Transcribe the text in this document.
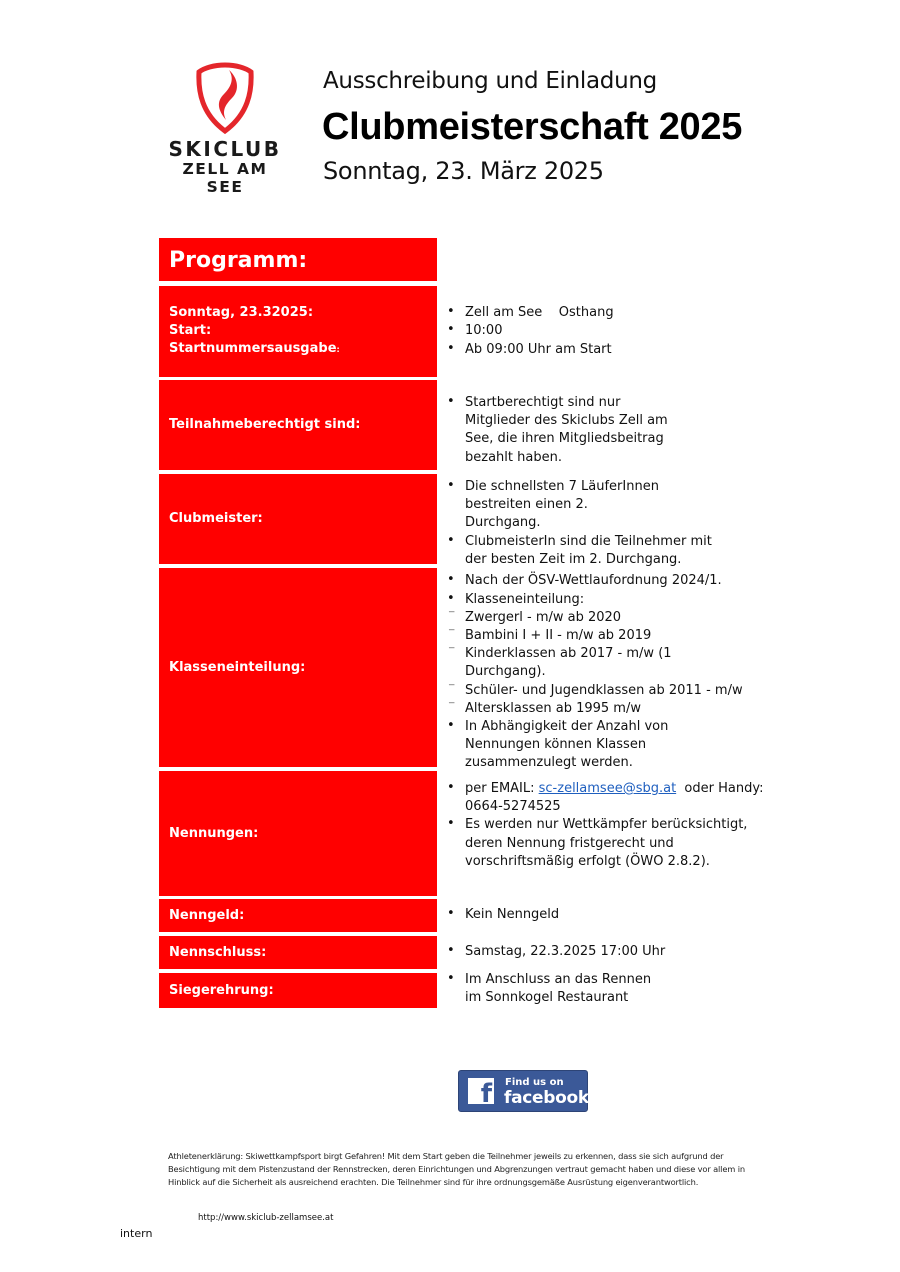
SKICLUB
ZELL AM SEE
Ausschreibung und Einladung
Clubmeisterschaft 2025
Sonntag, 23. März 2025
Programm:
Sonntag, 23.32025:
Start:
Startnummersausgabe:
• Zell am See    Osthang
• 10:00
• Ab 09:00 Uhr am Start
Teilnahmeberechtigt sind:
• Startberechtigt sind nur Mitglieder des Skiclubs Zell am See, die ihren Mitgliedsbeitrag bezahlt haben.
Clubmeister:
• Die schnellsten 7 LäuferInnen bestreiten einen 2. Durchgang.
• ClubmeisterIn sind die Teilnehmer mit der besten Zeit im 2. Durchgang.
Klasseneinteilung:
• Nach der ÖSV-Wettlaufordnung 2024/1.
• Klasseneinteilung:
⁻ Zwergerl - m/w ab 2020
⁻ Bambini I + II - m/w ab 2019
⁻ Kinderklassen ab 2017 - m/w (1 Durchgang).
⁻ Schüler- und Jugendklassen ab 2011 - m/w
⁻ Altersklassen ab 1995 m/w
• In Abhängigkeit der Anzahl von Nennungen können Klassen zusammenzulegt werden.
Nennungen:
• per EMAIL: sc-zellamsee@sbg.at  oder Handy: 0664-5274525
• Es werden nur Wettkämpfer berücksichtigt, deren Nennung fristgerecht und vorschriftsmäßig erfolgt (ÖWO 2.8.2).
Nenngeld:	• Kein Nenngeld
Nennschluss:	• Samstag, 22.3.2025 17:00 Uhr
Siegerehrung:
• Im Anschluss an das Rennen im Sonnkogel Restaurant
f Find us on
facebook
Athletenerklärung: Skiwettkampfsport birgt Gefahren! Mit dem Start geben die Teilnehmer jeweils zu erkennen, dass sie sich aufgrund der Besichtigung mit dem Pistenzustand der Rennstrecken, deren Einrichtungen und Abgrenzungen vertraut gemacht haben und diese vor allem in Hinblick auf die Sicherheit als ausreichend erachten. Die Teilnehmer sind für ihre ordnungsgemäße Ausrüstung eigenverantwortlich.
http://www.skiclub-zellamsee.at
intern
